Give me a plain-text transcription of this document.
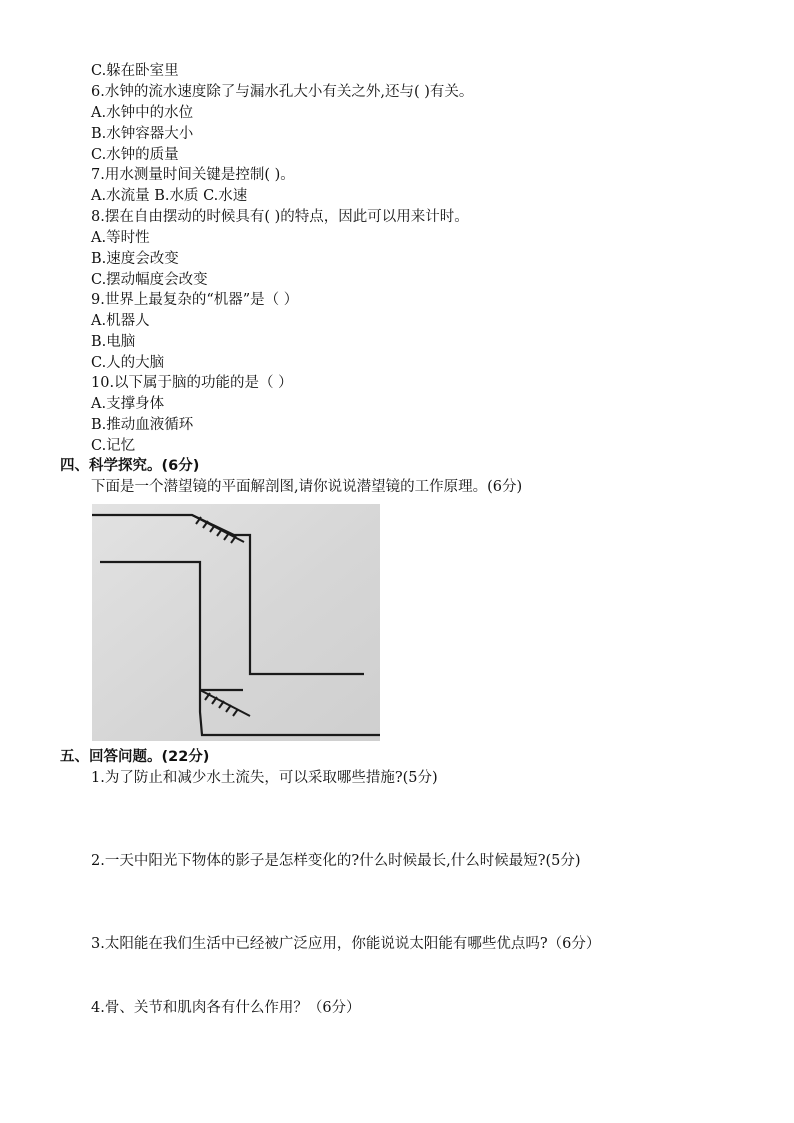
C.躲在卧室里
6.水钟的流水速度除了与漏水孔大小有关之外,还与( )有关。
A.水钟中的水位
B.水钟容器大小
C.水钟的质量
7.用水测量时间关键是控制( )。
A.水流量 B.水质 C.水速
8.摆在自由摆动的时候具有( )的特点，因此可以用来计时。
A.等时性
B.速度会改变
C.摆动幅度会改变
9.世界上最复杂的“机器”是（ ）
A.机器人
B.电脑
C.人的大脑
10.以下属于脑的功能的是（ ）
A.支撑身体
B.推动血液循环
C.记忆
四、科学探究。(6分)
下面是一个潜望镜的平面解剖图,请你说说潜望镜的工作原理。(6分)
五、回答问题。(22分)
1.为了防止和减少水土流失，可以采取哪些措施?(5分)
2.一天中阳光下物体的影子是怎样变化的?什么时候最长,什么时候最短?(5分)
3.太阳能在我们生活中已经被广泛应用，你能说说太阳能有哪些优点吗?（6分）
4.骨、关节和肌肉各有什么作用？（6分）
